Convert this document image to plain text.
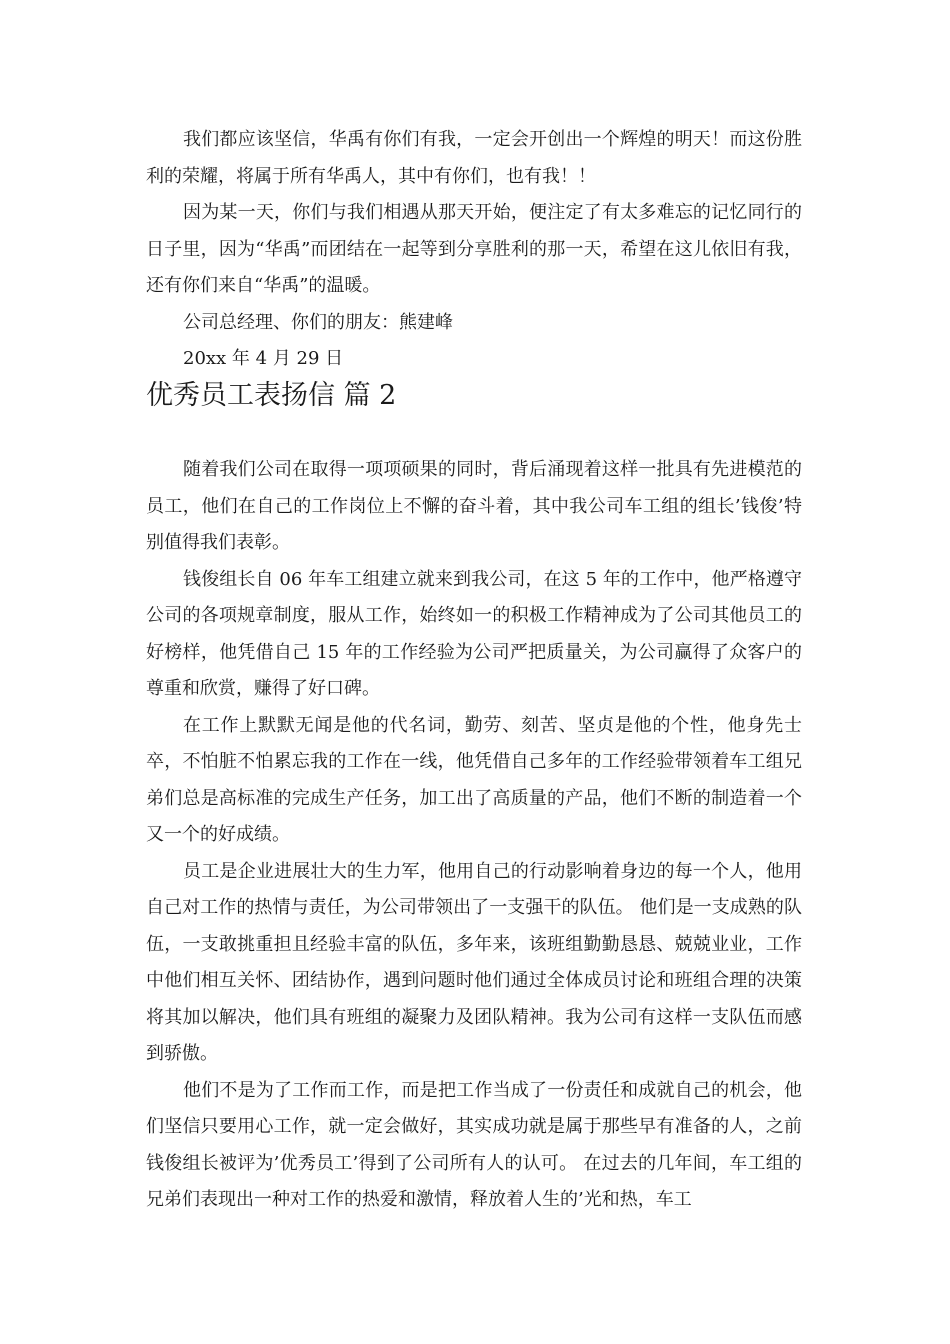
我们都应该坚信，华禹有你们有我，一定会开创出一个辉煌的明天！而这份胜利的荣耀，将属于所有华禹人，其中有你们，也有我！！

因为某一天，你们与我们相遇从那天开始，便注定了有太多难忘的记忆同行的日子里，因为“华禹”而团结在一起等到分享胜利的那一天，希望在这儿依旧有我，还有你们来自“华禹”的温暖。

公司总经理、你们的朋友：熊建峰

20xx 年 4 月 29 日

优秀员工表扬信 篇 2

随着我们公司在取得一项项硕果的同时，背后涌现着这样一批具有先进模范的员工，他们在自己的工作岗位上不懈的奋斗着，其中我公司车工组的组长’钱俊’特别值得我们表彰。

钱俊组长自 06 年车工组建立就来到我公司，在这 5 年的工作中，他严格遵守公司的各项规章制度，服从工作，始终如一的积极工作精神成为了公司其他员工的好榜样，他凭借自己 15 年的工作经验为公司严把质量关，为公司赢得了众客户的尊重和欣赏，赚得了好口碑。

在工作上默默无闻是他的代名词，勤劳、刻苦、坚贞是他的个性，他身先士卒，不怕脏不怕累忘我的工作在一线，他凭借自己多年的工作经验带领着车工组兄弟们总是高标准的完成生产任务，加工出了高质量的产品，他们不断的制造着一个又一个的好成绩。

员工是企业进展壮大的生力军，他用自己的行动影响着身边的每一个人，他用自己对工作的热情与责任，为公司带领出了一支强干的队伍。 他们是一支成熟的队伍，一支敢挑重担且经验丰富的队伍，多年来，该班组勤勤恳恳、兢兢业业，工作中他们相互关怀、团结协作，遇到问题时他们通过全体成员讨论和班组合理的决策将其加以解决，他们具有班组的凝聚力及团队精神。我为公司有这样一支队伍而感到骄傲。

他们不是为了工作而工作，而是把工作当成了一份责任和成就自己的机会，他们坚信只要用心工作，就一定会做好，其实成功就是属于那些早有准备的人，之前钱俊组长被评为’优秀员工’得到了公司所有人的认可。 在过去的几年间，车工组的兄弟们表现出一种对工作的热爱和激情，释放着人生的’光和热，车工
